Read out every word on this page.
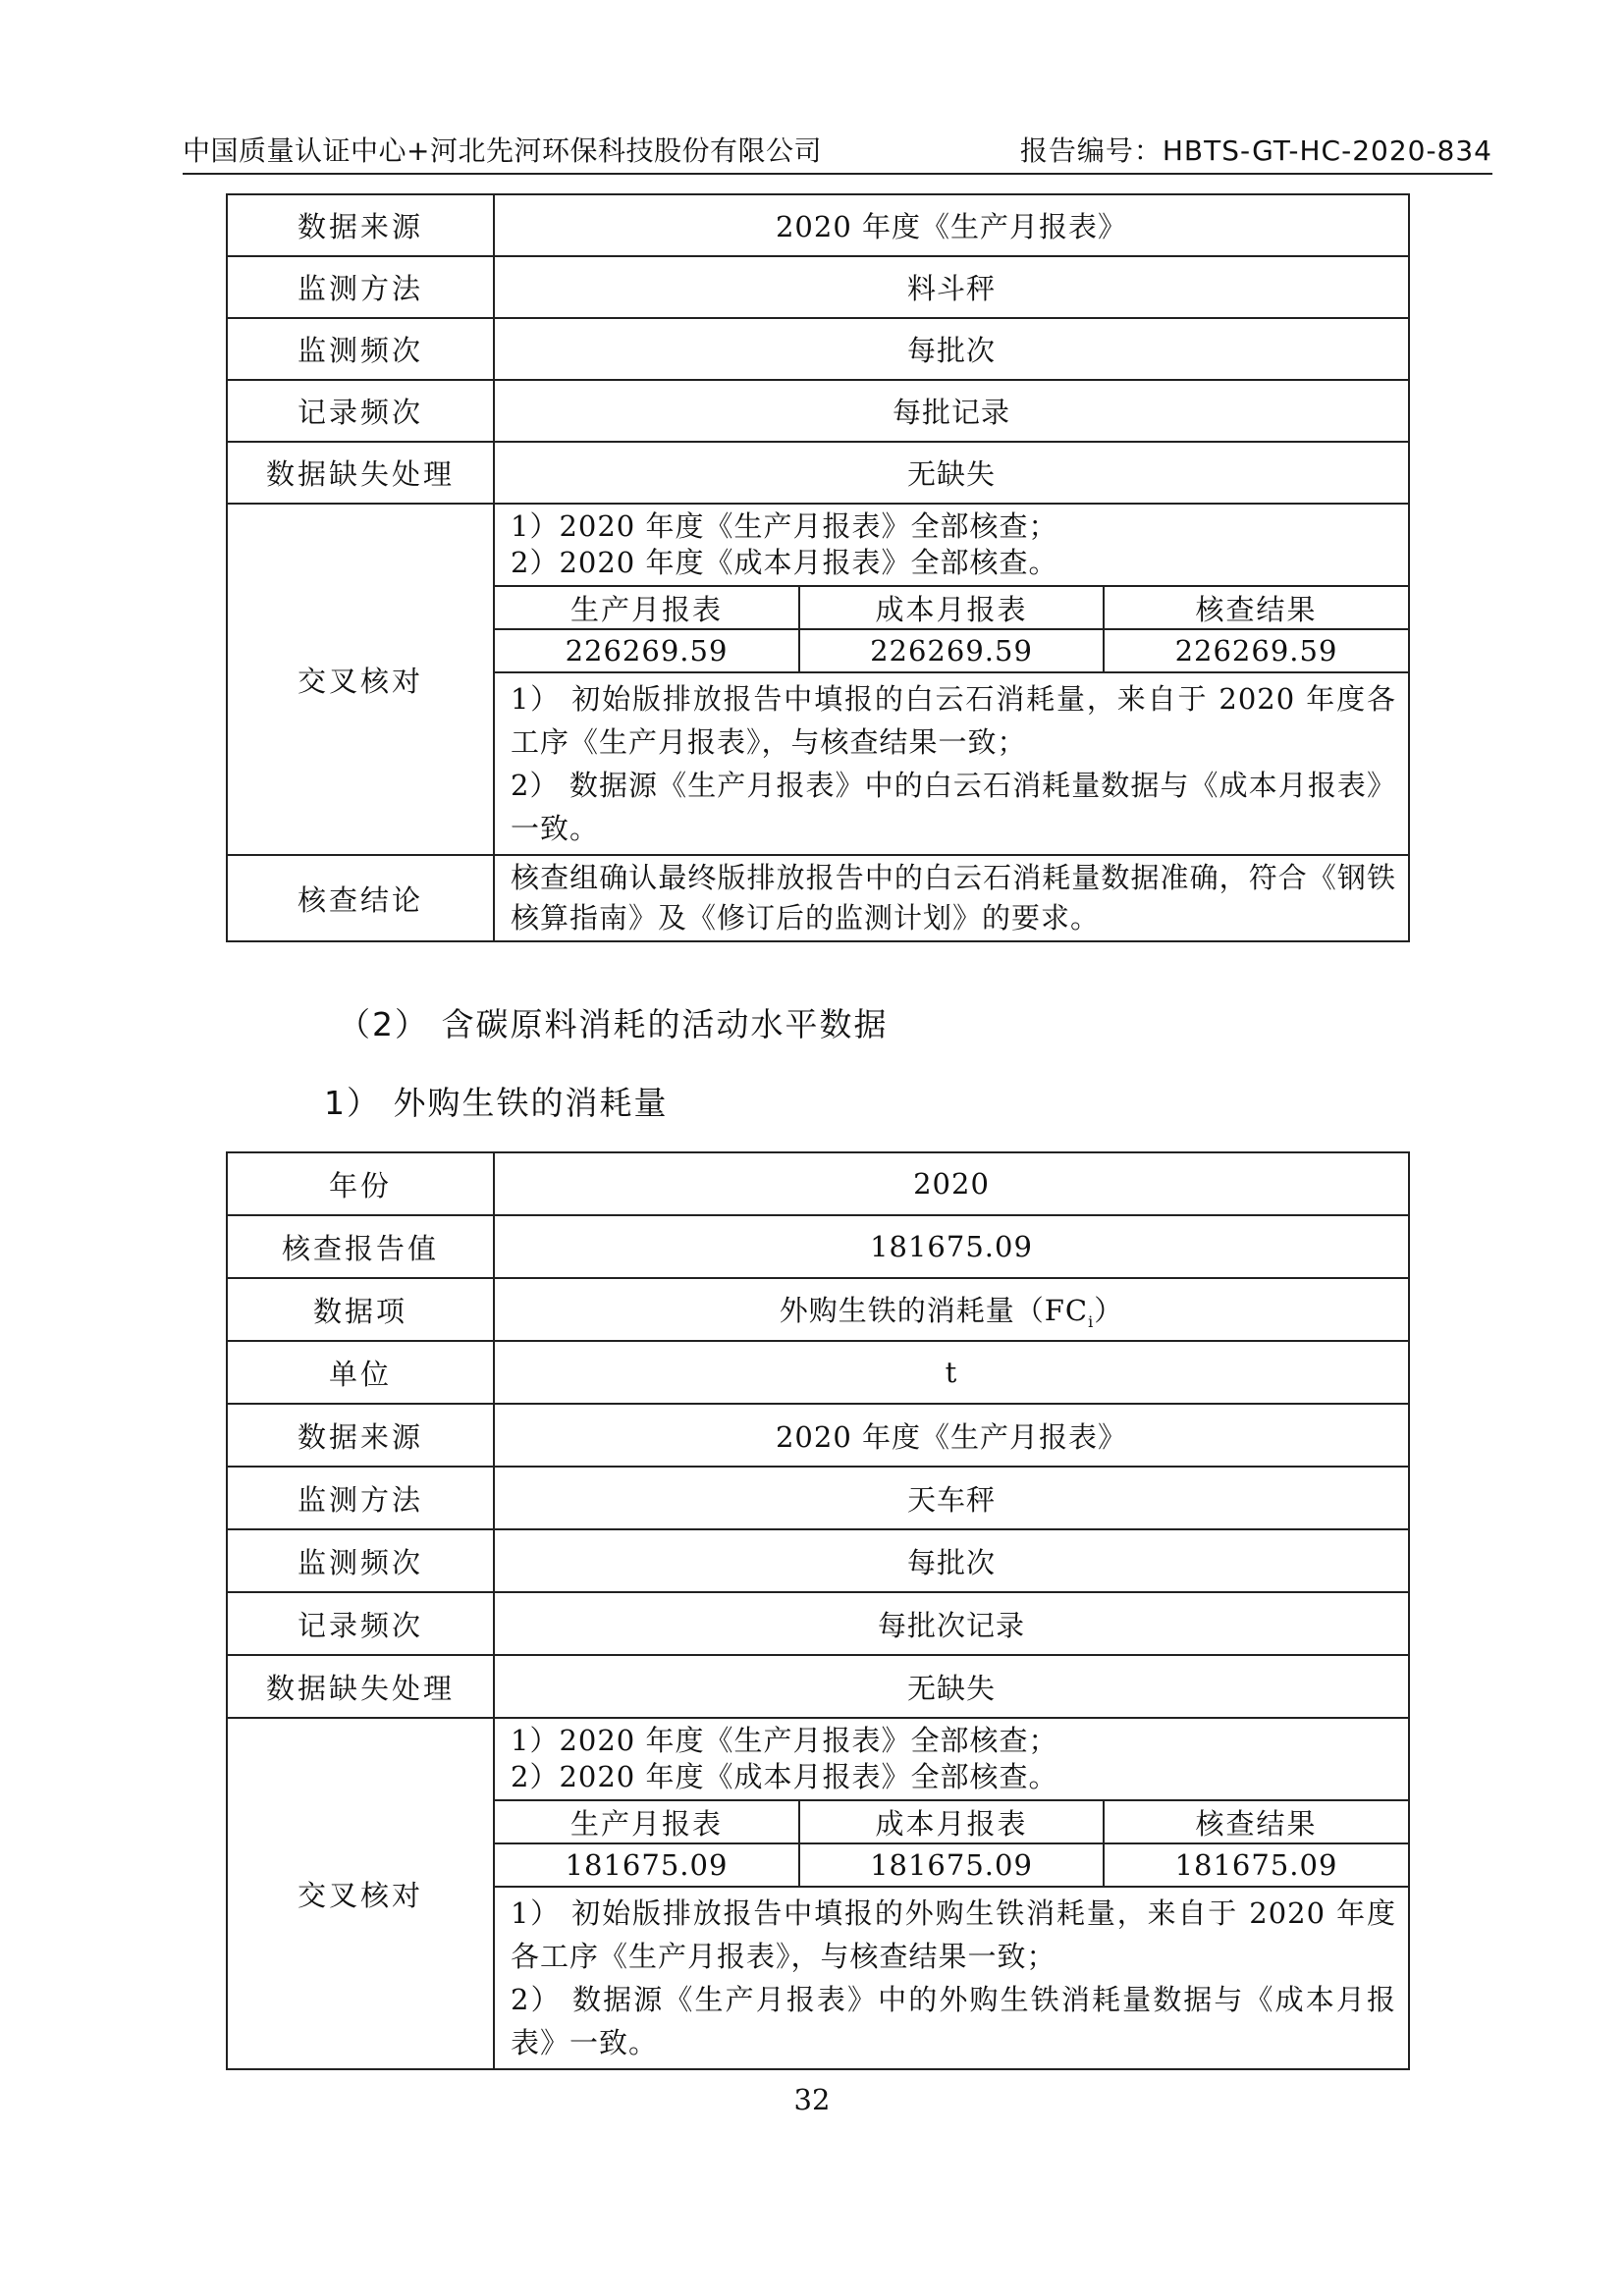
中国质量认证中心+河北先河环保科技股份有限公司	报告编号：HBTS-GT-HC-2020-834
数据来源	2020 年度《生产月报表》
监测方法	料斗秤
监测频次	每批次
记录频次	每批记录
数据缺失处理	无缺失
交叉核对	
1）2020 年度《生产月报表》全部核查；
2）2020 年度《成本月报表》全部核查。
生产月报表	成本月报表	核查结果
226269.59	226269.59	226269.59
1） 初始版排放报告中填报的白云石消耗量，来自于 2020 年度各工序《生产月报表》，与核查结果一致；
2） 数据源《生产月报表》中的白云石消耗量数据与《成本月报表》一致。

核查结论	核查组确认最终版排放报告中的白云石消耗量数据准确，符合《钢铁核算指南》及《修订后的监测计划》的要求。
（2） 含碳原料消耗的活动水平数据
1） 外购生铁的消耗量
年份	2020
核查报告值	181675.09
数据项	外购生铁的消耗量$(FC_i)$
单位	t
数据来源	2020 年度《生产月报表》
监测方法	天车秤
监测频次	每批次
记录频次	每批次记录
数据缺失处理	无缺失
交叉核对	
1）2020 年度《生产月报表》全部核查；
2）2020 年度《成本月报表》全部核查。
生产月报表	成本月报表	核查结果
181675.09	181675.09	181675.09
1） 初始版排放报告中填报的外购生铁消耗量，来自于 2020 年度各工序《生产月报表》，与核查结果一致；
2） 数据源《生产月报表》中的外购生铁消耗量数据与《成本月报表》一致。
32
